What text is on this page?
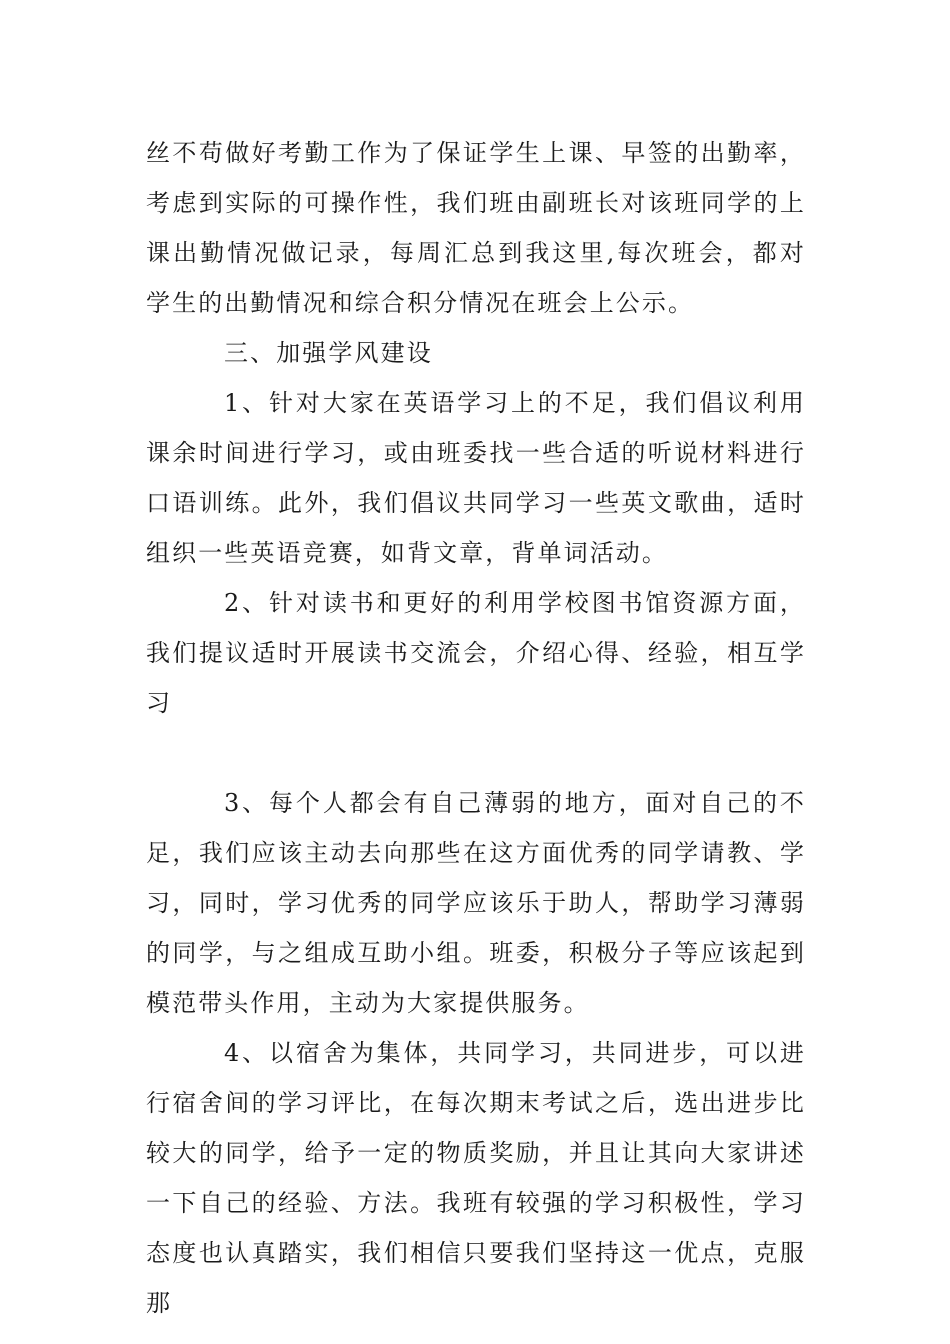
丝不苟做好考勤工作为了保证学生上课、早签的出勤率，考虑到实际的可操作性，我们班由副班长对该班同学的上课出勤情况做记录，每周汇总到我这里,每次班会，都对学生的出勤情况和综合积分情况在班会上公示。

三、加强学风建设

1、针对大家在英语学习上的不足，我们倡议利用课余时间进行学习，或由班委找一些合适的听说材料进行口语训练。此外，我们倡议共同学习一些英文歌曲，适时组织一些英语竞赛，如背文章，背单词活动。

2、针对读书和更好的利用学校图书馆资源方面，我们提议适时开展读书交流会，介绍心得、经验，相互学习

3、每个人都会有自己薄弱的地方，面对自己的不足，我们应该主动去向那些在这方面优秀的同学请教、学习，同时，学习优秀的同学应该乐于助人，帮助学习薄弱的同学，与之组成互助小组。班委，积极分子等应该起到模范带头作用，主动为大家提供服务。

4、以宿舍为集体，共同学习，共同进步，可以进行宿舍间的学习评比，在每次期末考试之后，选出进步比较大的同学，给予一定的物质奖励，并且让其向大家讲述一下自己的经验、方法。我班有较强的学习积极性，学习态度也认真踏实，我们相信只要我们坚持这一优点，克服那
